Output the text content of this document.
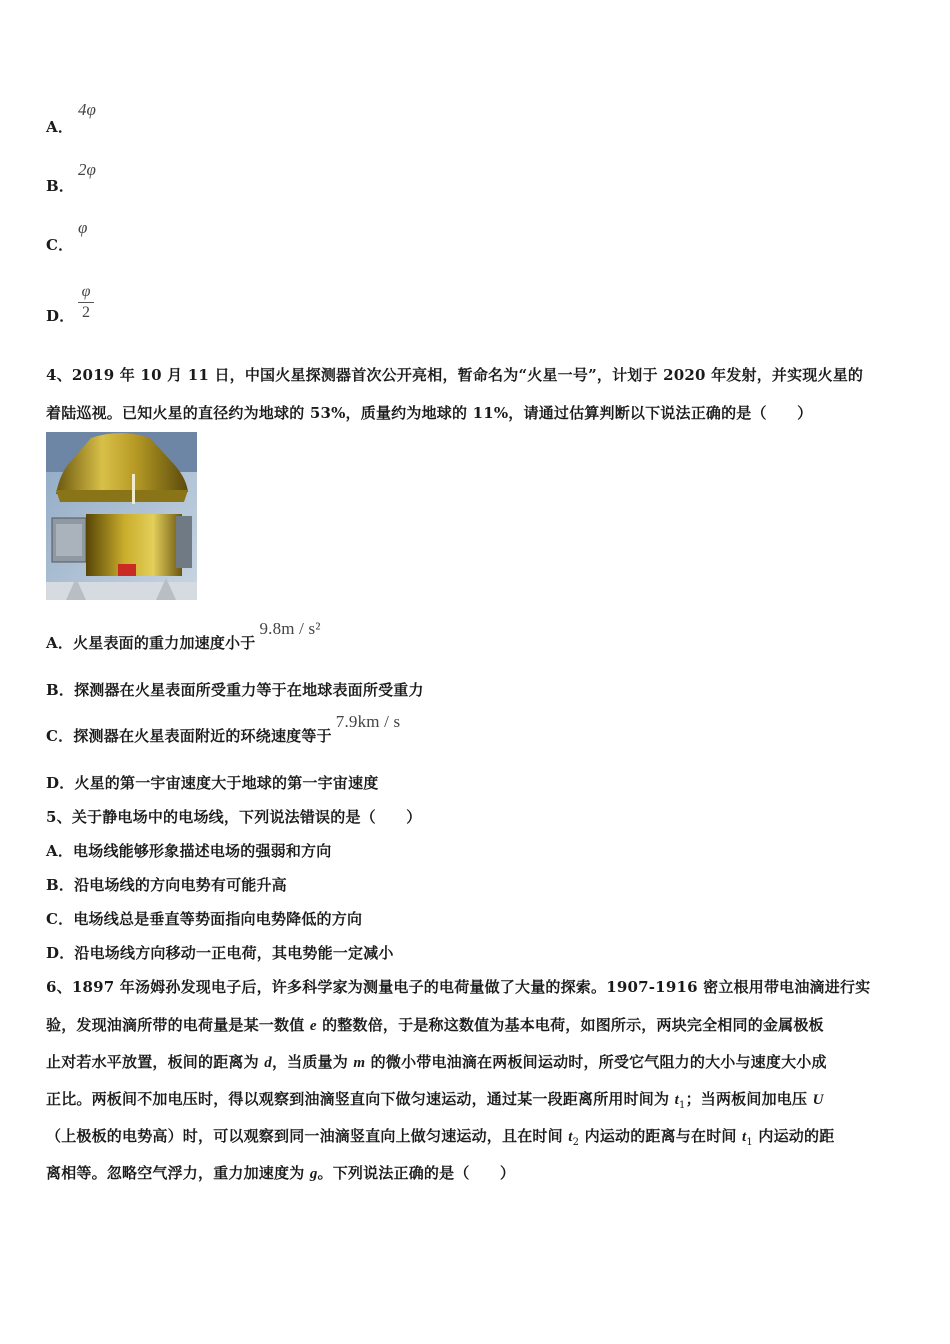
4φ
A．
2φ
B．
φ
C．
φ
2
D．
4、2019 年 10 月 11 日，中国火星探测器首次公开亮相，暂命名为“火星一号”，计划于 2020 年发射，并实现火星的
着陆巡视。已知火星的直径约为地球的 53%，质量约为地球的 11%，请通过估算判断以下说法正确的是（　　）
A．火星表面的重力加速度小于9.8m / s²
B．探测器在火星表面所受重力等于在地球表面所受重力
C．探测器在火星表面附近的环绕速度等于7.9km / s
D．火星的第一宇宙速度大于地球的第一宇宙速度
5、关于静电场中的电场线，下列说法错误的是（　　）
A．电场线能够形象描述电场的强弱和方向
B．沿电场线的方向电势有可能升高
C．电场线总是垂直等势面指向电势降低的方向
D．沿电场线方向移动一正电荷，其电势能一定减小
6、1897 年汤姆孙发现电子后，许多科学家为测量电子的电荷量做了大量的探索。1907-1916 密立根用带电油滴进行实
验，发现油滴所带的电荷量是某一数值 e 的整数倍，于是称这数值为基本电荷，如图所示，两块完全相同的金属极板
止对若水平放置，板间的距离为 d，当质量为 m 的微小带电油滴在两板间运动时，所受它气阻力的大小与速度大小成
正比。两板间不加电压时，得以观察到油滴竖直向下做匀速运动，通过某一段距离所用时间为 $t_1$；当两板间加电压 U
（上极板的电势高）时，可以观察到同一油滴竖直向上做匀速运动，且在时间 $t_2$ 内运动的距离与在时间 $t_1$ 内运动的距
离相等。忽略空气浮力，重力加速度为 g。下列说法正确的是（　　）
